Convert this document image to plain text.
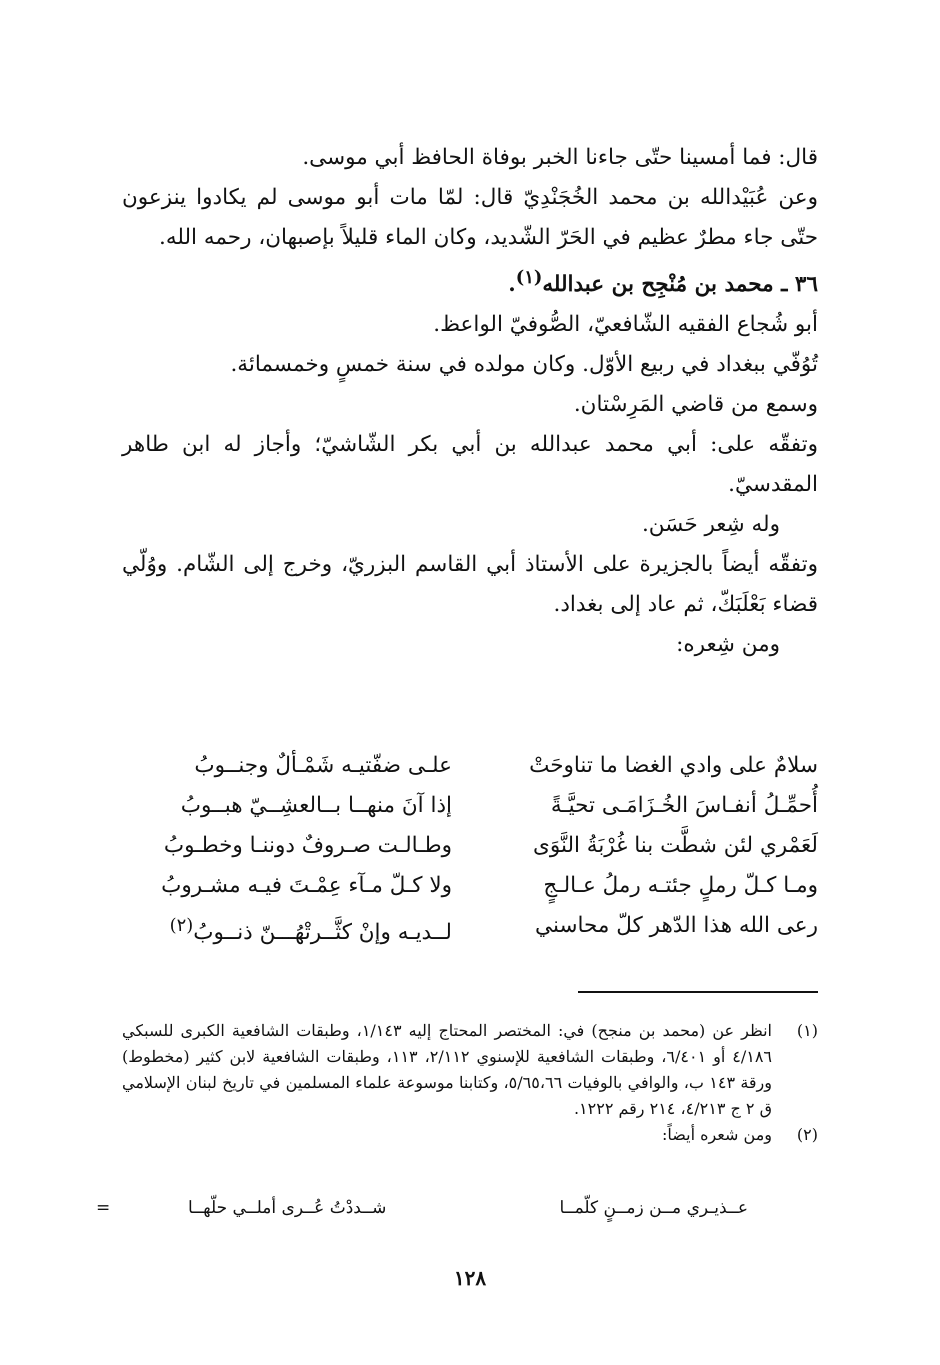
قال: فما أمسينا حتّى جاءنا الخبر بوفاة الحافظ أبي موسى.

وعن عُبَيْدالله بن محمد الخُجَنْدِيّ قال: لمّا مات أبو موسى لم يكادوا ينزعون حتّى جاء مطرٌ عظيم في الحَرّ الشّديد، وكان الماء قليلاً بإصبهان، رحمه الله.

٣٦ ـ محمد بن مُنْجِح بن عبدالله$^{(١)}$.

أبو شُجاع الفقيه الشّافعيّ، الصُّوفيّ الواعظ.

تُوُفّي ببغداد في ربيع الأوّل. وكان مولده في سنة خمسٍ وخمسمائة.

وسمع من قاضي المَرِسْتان.

وتفقّه على: أبي محمد عبدالله بن أبي بكر الشّاشيّ؛ وأجاز له ابن طاهر المقدسيّ.

وله شِعر حَسَن.

وتفقّه أيضاً بالجزيرة على الأستاذ أبي القاسم البزريّ، وخرج إلى الشّام. ووُلّي قضاء بَعْلَبَكّ، ثم عاد إلى بغداد.

ومن شِعره:

سلامٌ على وادي الغضا ما تناوحَتْ
علـى ضفّتيـه شَمْـألٌ وجنــوبُ
أُحمِّـلُ أنفـاسَ الخُـزَامَـى تحيَّـةً
إذا آنَ منهــا بــالعشِــيّ هبــوبُ
لَعَمْري لئن شطَّت بنا غُرْبَةُ النَّوَى
وطـالـت صـروفٌ دوننـا وخطـوبُ
ومـا كـلّ رملٍ جئتـه رملُ عـالـجٍ
ولا كـلّ مـآء عِمْـتَ فيـه مشـروبُ
رعى الله هذا الدّهر كلّ محاسني
لــديـه وإنْ كثَّــرتْهُـــنّ ذنــوبُ$^{(٢)}$
(١)
انظر عن (محمد بن منجح) في: المختصر المحتاج إليه ١/١٤٣، وطبقات الشافعية الكبرى للسبكي ٤/١٨٦ أو ٦/٤٠١، وطبقات الشافعية للإسنوي ٢/١١٢، ١١٣، وطبقات الشافعية لابن كثير (مخطوط) ورقة ١٤٣ ب، والوافي بالوفيات ٥/٦٥،٦٦، وكتابنا موسوعة علماء المسلمين في تاريخ لبنان الإسلامي ق ٢ ج ٤/٢١٣، ٢١٤ رقم ١٢٢٢.
(٢)
ومن شعره أيضاً:
عــذيـري مــن زمــنٍ كلّمــا
شــددْتُ عُــرى أملــي حلّهــا
=
١٢٨
